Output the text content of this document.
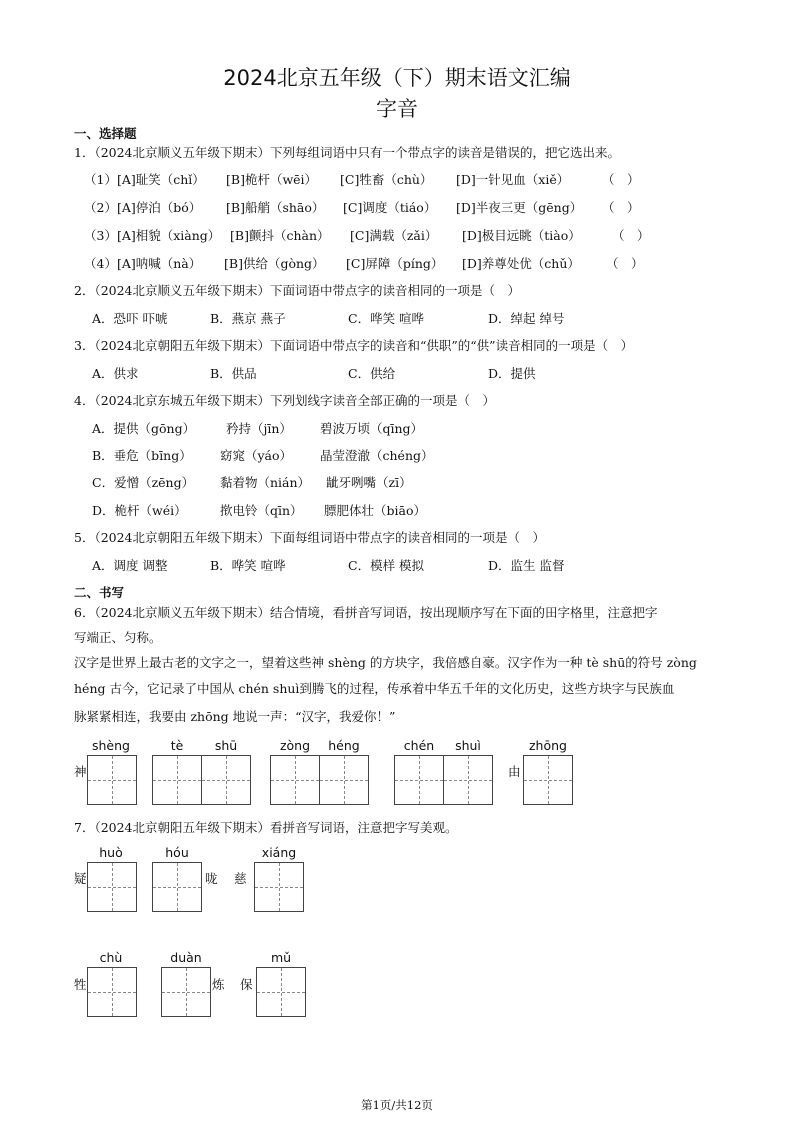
2024北京五年级（下）期末语文汇编
字音
一、选择题
1．（2024北京顺义五年级下期末）下列每组词语中只有一个带点字的读音是错误的，把它选出来。
（1）[A]耻笑（chǐ） [B]桅杆（wēi） [C]牲畜（chù） [D]一针见血（xiě）	（　）
（2）[A]停泊（bó） [B]船艄（shāo） [C]调度（tiáo） [D]半夜三更（gēng） （　）
（3）[A]相貌（xiàng） [B]颤抖（chàn） [C]满载（zǎi） [D]极目远眺（tiào） （　）
（4）[A]呐喊（nà） [B]供给（gòng） [C]屏障（píng） [D]养尊处优（chǔ） （　）
2．（2024北京顺义五年级下期末）下面词语中带点字的读音相同的一项是（　）
A．恐吓 吓唬	B．燕京 燕子	C．哗笑 喧哗	D．绰起 绰号
3．（2024北京朝阳五年级下期末）下面词语中带点字的读音和“供职”的“供”读音相同的一项是（　）
A．供求	B．供品	C．供给	D．提供
4．（2024北京东城五年级下期末）下列划线字读音全部正确的一项是（　）
A．提供（gōng） 矜持（jīn） 碧波万顷（qīng）
B．垂危（bīng） 窈窕（yáo） 晶莹澄澈（chéng）
C．爱憎（zēng） 黏着物（nián） 龇牙咧嘴（zī）
D．桅杆（wéi）	揿电铃（qīn） 膘肥体壮（biāo）
5．（2024北京朝阳五年级下期末）下面每组词语中带点字的读音相同的一项是（　）
A．调度 调整	B．哗笑 喧哗	C．模样 模拟	D．监生 监督
二、书写
6．（2024北京顺义五年级下期末）结合情境，看拼音写词语，按出现顺序写在下面的田字格里，注意把字
写端正、匀称。
汉字是世界上最古老的文字之一，望着这些神 shèng 的方块字，我倍感自豪。汉字作为一种 tè shū的符号 zòng
héng 古今，它记录了中国从 chén shuì到腾飞的过程，传承着中华五千年的文化历史，这些方块字与民族血
脉紧紧相连，我要由 zhōng 地说一声：“汉字，我爱你！”
shèng	tè	shū	zòng	héng	chén	shuì	zhōng
神	由
7．（2024北京朝阳五年级下期末）看拼音写词语，注意把字写美观。
huò	hóu	xiáng
疑	咙 慈
chù	duàn	mǔ
牲	炼 保
第1页/共12页
